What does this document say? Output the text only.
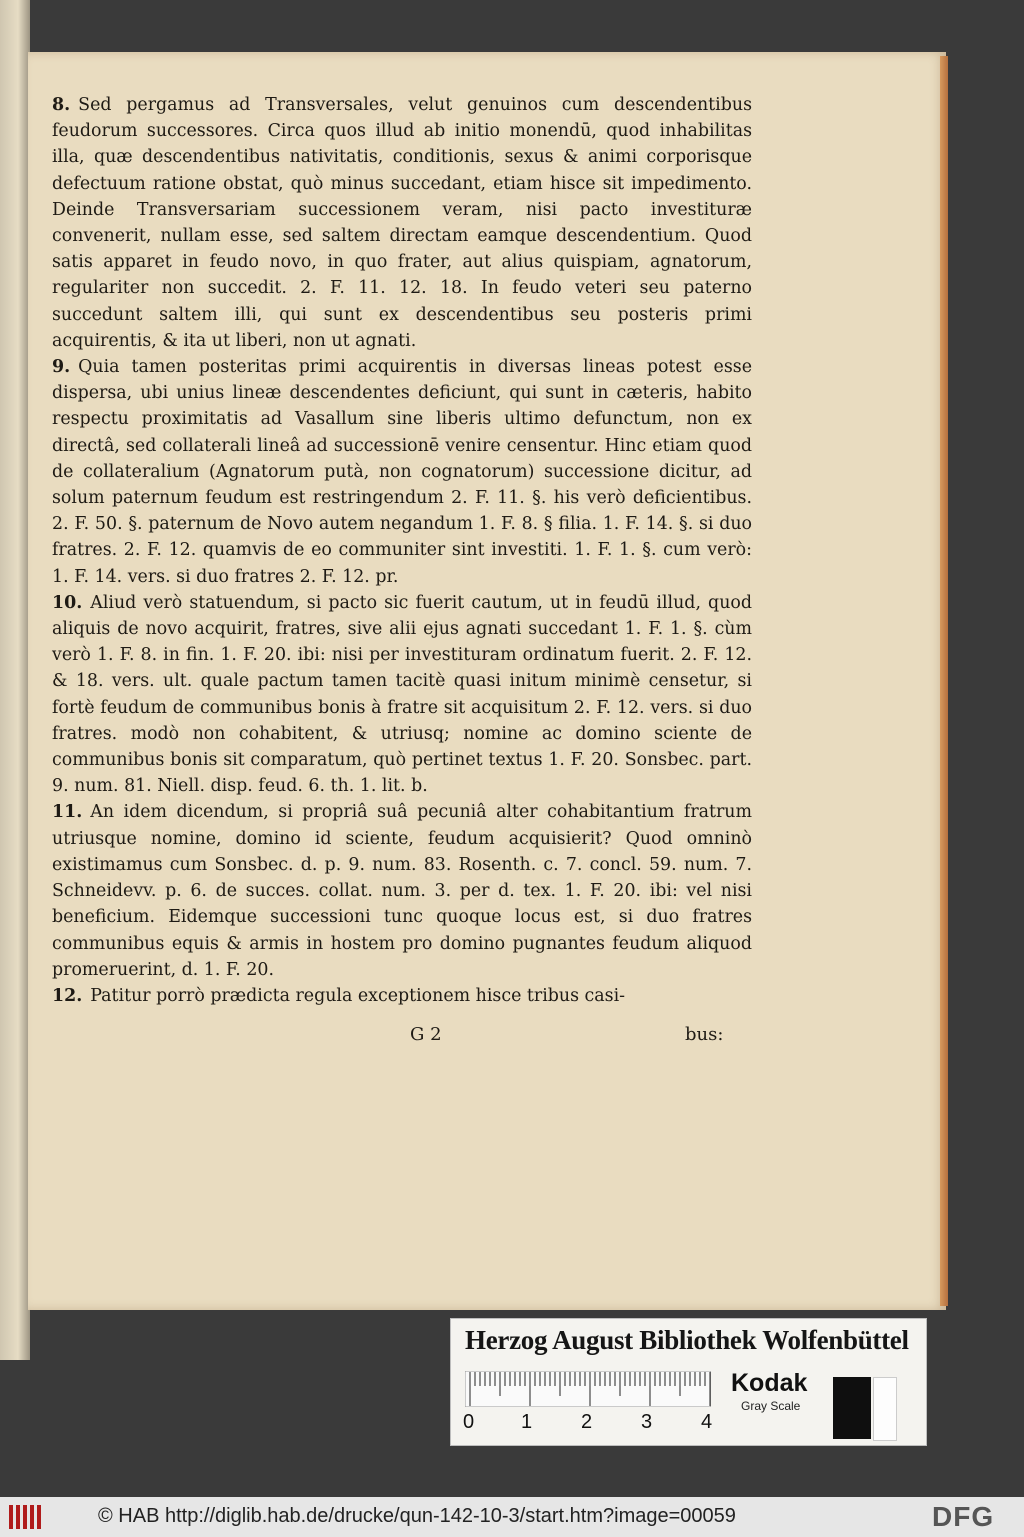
8. Sed pergamus ad Transversales, velut genuinos cum descendentibus feudorum successores. Circa quos illud ab initio monendū, quod inhabilitas illa, quæ descendentibus nativitatis, conditionis, sexus & animi corporisque defectuum ratione obstat, quò minus succedant, etiam hisce sit impedimento. Deinde Transversariam successionem veram, nisi pacto investituræ convenerit, nullam esse, sed saltem directam eamque descendentium. Quod satis apparet in feudo novo, in quo frater, aut alius quispiam, agnatorum, regulariter non succedit. 2. F. 11. 12. 18. In feudo veteri seu paterno succedunt saltem illi, qui sunt ex descendentibus seu posteris primi acquirentis, & ita ut liberi, non ut agnati.

9. Quia tamen posteritas primi acquirentis in diversas lineas potest esse dispersa, ubi unius lineæ descendentes deficiunt, qui sunt in cæteris, habito respectu proximitatis ad Vasallum sine liberis ultimo defunctum, non ex directâ, sed collaterali lineâ ad successionē venire censentur. Hinc etiam quod de collateralium (Agnatorum putà, non cognatorum) successione dicitur, ad solum paternum feudum est restringendum 2. F. 11. §. his verò deficientibus. 2. F. 50. §. paternum de Novo autem negandum 1. F. 8. § filia. 1. F. 14. §. si duo fratres. 2. F. 12. quamvis de eo communiter sint investiti. 1. F. 1. §. cum verò: 1. F. 14. vers. si duo fratres 2. F. 12. pr.

10. Aliud verò statuendum, si pacto sic fuerit cautum, ut in feudū illud, quod aliquis de novo acquirit, fratres, sive alii ejus agnati succedant 1. F. 1. §. cùm verò 1. F. 8. in fin. 1. F. 20. ibi: nisi per investituram ordinatum fuerit. 2. F. 12. & 18. vers. ult. quale pactum tamen tacitè quasi initum minimè censetur, si fortè feudum de communibus bonis à fratre sit acquisitum 2. F. 12. vers. si duo fratres. modò non cohabitent, & utriusq; nomine ac domino sciente de communibus bonis sit comparatum, quò pertinet textus 1. F. 20. Sonsbec. part. 9. num. 81. Niell. disp. feud. 6. th. 1. lit. b.

11. An idem dicendum, si propriâ suâ pecuniâ alter cohabitantium fratrum utriusque nomine, domino id sciente, feudum acquisierit? Quod omninò existimamus cum Sonsbec. d. p. 9. num. 83. Rosenth. c. 7. concl. 59. num. 7. Schneidevv. p. 6. de succes. collat. num. 3. per d. tex. 1. F. 20. ibi: vel nisi beneficium. Eidemque successioni tunc quoque locus est, si duo fratres communibus equis & armis in hostem pro domino pugnantes feudum aliquod promeruerint, d. 1. F. 20.

12. Patitur porrò prædicta regula exceptionem hisce tribus casi-

G 2	bus:
Herzog August Bibliothek Wolfenbüttel
0 1 2 3 4
Kodak
Gray Scale
© HAB http://diglib.hab.de/drucke/qun-142-10-3/start.htm?image=00059	DFG
